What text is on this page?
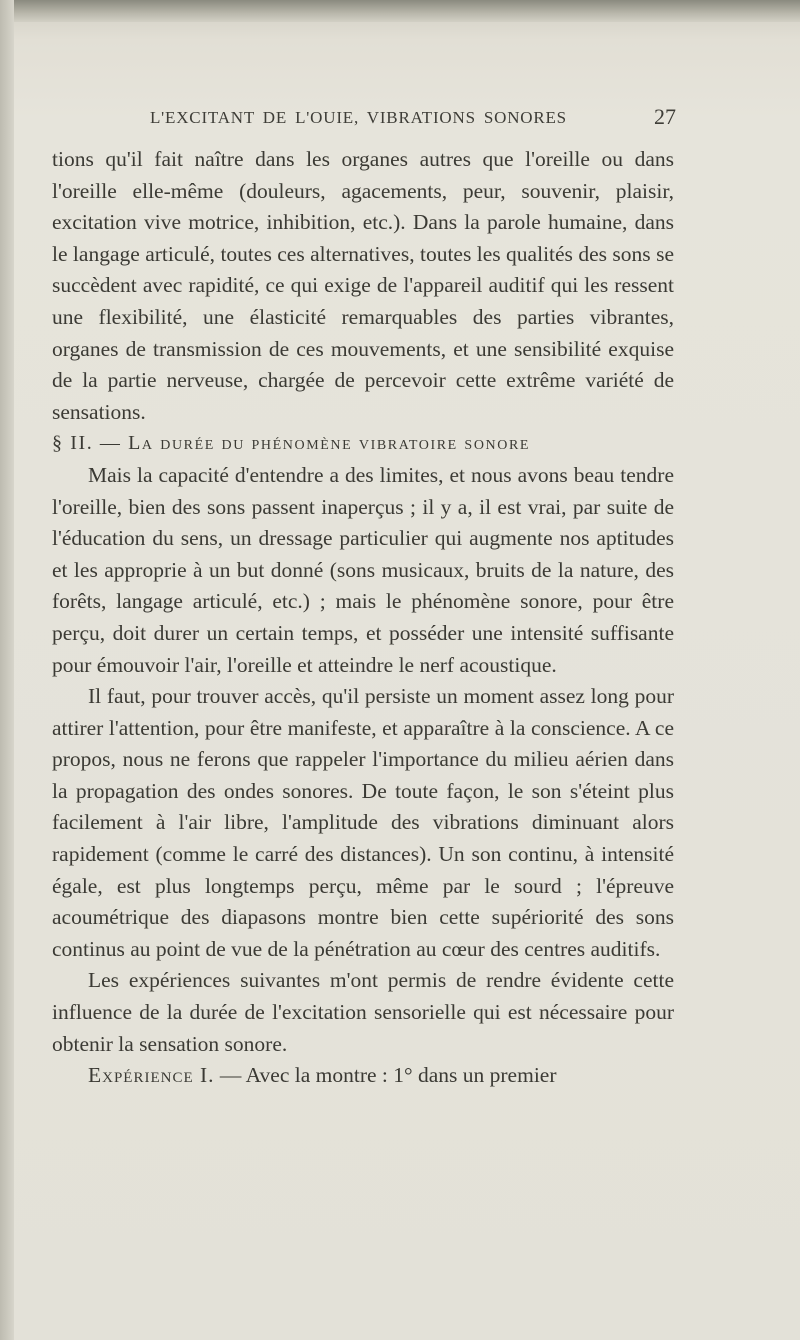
L'EXCITANT DE L'OUIE, VIBRATIONS SONORES	27

tions qu'il fait naître dans les organes autres que l'oreille ou dans l'oreille elle-même (douleurs, agacements, peur, souvenir, plaisir, excitation vive motrice, inhibition, etc.). Dans la parole humaine, dans le langage articulé, toutes ces alternatives, toutes les qualités des sons se succèdent avec rapidité, ce qui exige de l'appareil auditif qui les ressent une flexibilité, une élasticité remarquables des parties vibrantes, organes de transmission de ces mouvements, et une sensibilité exquise de la partie nerveuse, chargée de percevoir cette extrême variété de sensations.

§ II. — La durée du phénomène vibratoire sonore

Mais la capacité d'entendre a des limites, et nous avons beau tendre l'oreille, bien des sons passent inaperçus ; il y a, il est vrai, par suite de l'éducation du sens, un dressage particulier qui augmente nos aptitudes et les approprie à un but donné (sons musicaux, bruits de la nature, des forêts, langage articulé, etc.) ; mais le phénomène sonore, pour être perçu, doit durer un certain temps, et posséder une intensité suffisante pour émouvoir l'air, l'oreille et atteindre le nerf acoustique.

Il faut, pour trouver accès, qu'il persiste un moment assez long pour attirer l'attention, pour être manifeste, et apparaître à la conscience. A ce propos, nous ne ferons que rappeler l'importance du milieu aérien dans la propagation des ondes sonores. De toute façon, le son s'éteint plus facilement à l'air libre, l'amplitude des vibrations diminuant alors rapidement (comme le carré des distances). Un son continu, à intensité égale, est plus longtemps perçu, même par le sourd ; l'épreuve acoumétrique des diapasons montre bien cette supériorité des sons continus au point de vue de la pénétration au cœur des centres auditifs.

Les expériences suivantes m'ont permis de rendre évidente cette influence de la durée de l'excitation sensorielle qui est nécessaire pour obtenir la sensation sonore.

Expérience I. — Avec la montre : 1° dans un premier
